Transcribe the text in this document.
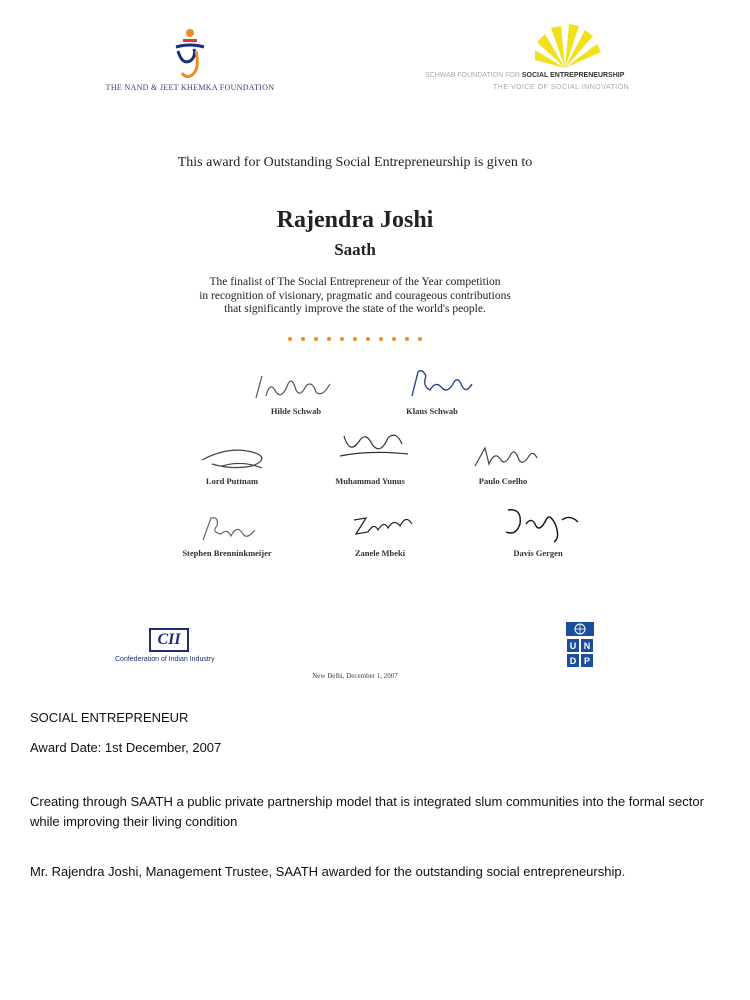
THE NAND & JEET KHEMKA FOUNDATION
SCHWAB FOUNDATION FOR SOCIAL ENTREPRENEURSHIP
THE VOICE OF SOCIAL INNOVATION
This award for Outstanding Social Entrepreneurship is given to
Rajendra Joshi
Saath
The finalist of The Social Entrepreneur of the Year competition
in recognition of visionary, pragmatic and courageous contributions
that significantly improve the state of the world's people.
Hilde Schwab	Klaus Schwab
Lord Puttnam	Muhammad Yunus	Paulo Coelho
Stephen Brenninkmeijer	Zanele Mbeki	Davis Gergen
CII
Confederation of Indian Industry
U N
D P
New Delhi, December 1, 2007
SOCIAL ENTREPRENEUR
Award Date: 1st December, 2007
Creating through SAATH a public private partnership model that is integrated slum communities into the formal sector while improving their living condition
Mr. Rajendra Joshi, Management Trustee, SAATH awarded for the outstanding social entrepreneurship.
